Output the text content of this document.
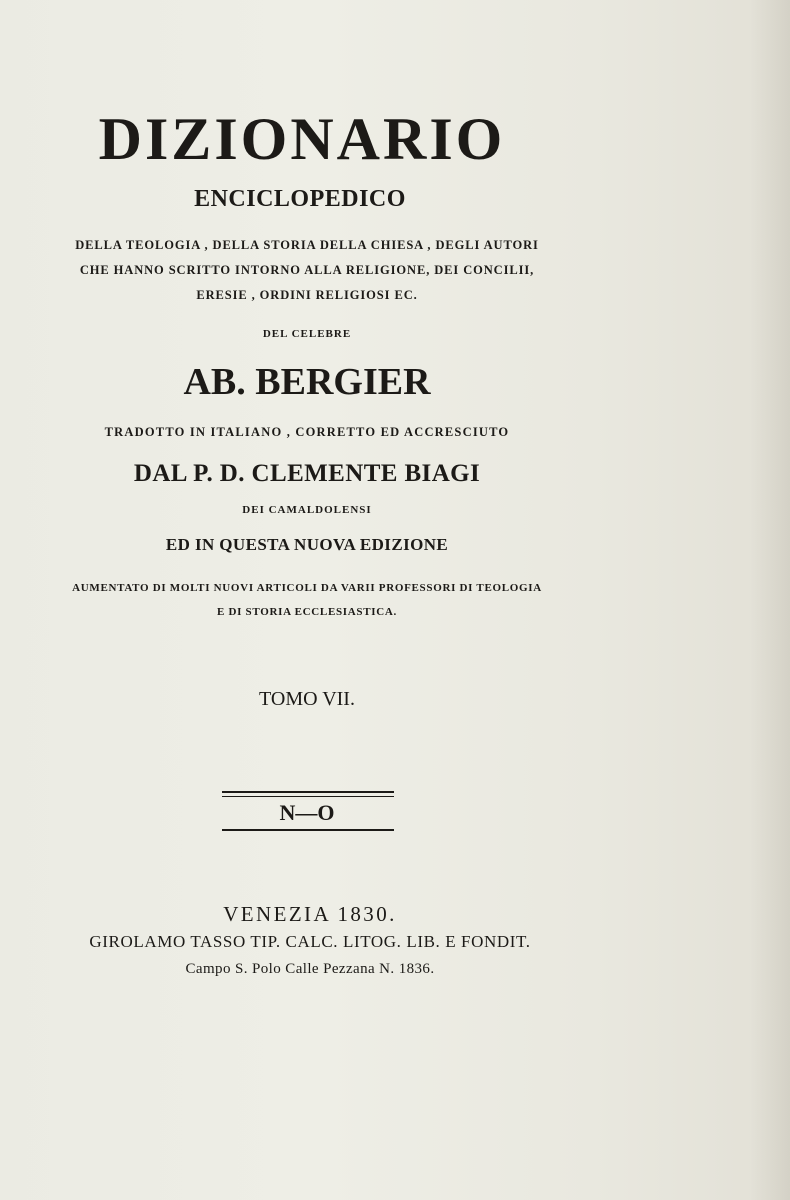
DIZIONARIO
ENCICLOPEDICO
DELLA TEOLOGIA , DELLA STORIA DELLA CHIESA , DEGLI AUTORI
CHE HANNO SCRITTO INTORNO ALLA RELIGIONE, DEI CONCILII,
ERESIE , ORDINI RELIGIOSI EC.
DEL CELEBRE
AB. BERGIER
TRADOTTO IN ITALIANO , CORRETTO ED ACCRESCIUTO
DAL P. D. CLEMENTE BIAGI
DEI CAMALDOLENSI
ED IN QUESTA NUOVA EDIZIONE
AUMENTATO DI MOLTI NUOVI ARTICOLI DA VARII PROFESSORI DI TEOLOGIA
E DI STORIA ECCLESIASTICA.
TOMO VII.
N—O
VENEZIA 1830.
GIROLAMO TASSO TIP. CALC. LITOG. LIB. E FONDIT.
Campo S. Polo Calle Pezzana N. 1836.
